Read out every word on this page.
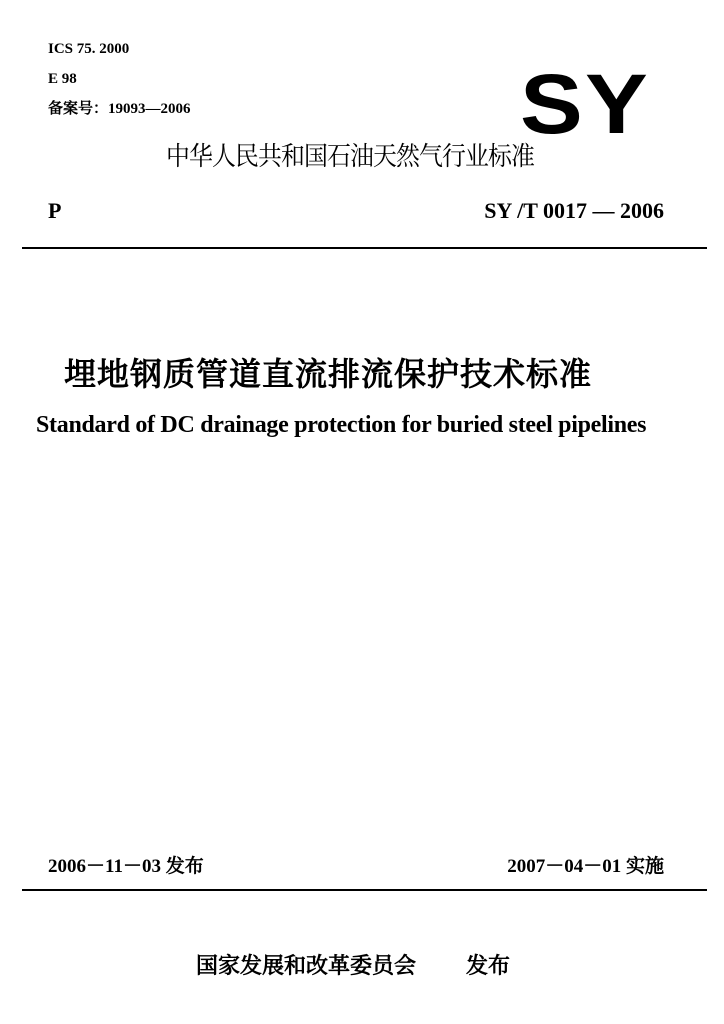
ICS 75. 2000
E 98
备案号：19093—2006	SY
中华人民共和国石油天然气行业标准
P	SY /T 0017 — 2006
埋地钢质管道直流排流保护技术标准
Standard of DC drainage protection for buried steel pipelines
2006－11－03 发布	2007－04－01 实施
国家发展和改革委员会 发布
